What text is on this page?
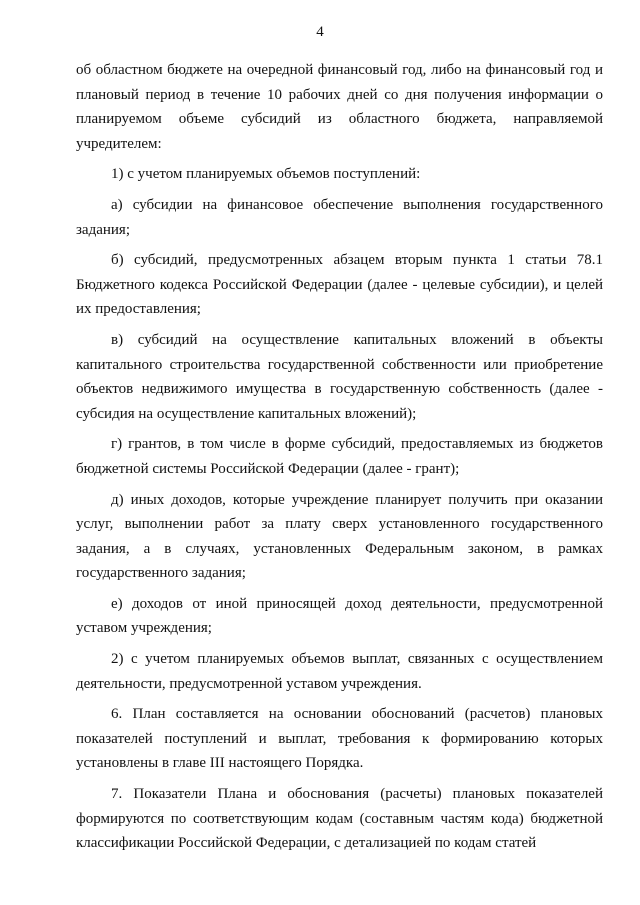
4

об областном бюджете на очередной финансовый год, либо на финансовый год и плановый период в течение 10 рабочих дней со дня получения информации о планируемом объеме субсидий из областного бюджета, направляемой учредителем:

1) с учетом планируемых объемов поступлений:

а) субсидии на финансовое обеспечение выполнения государственного задания;

б) субсидий, предусмотренных абзацем вторым пункта 1 статьи 78.1 Бюджетного кодекса Российской Федерации (далее - целевые субсидии), и целей их предоставления;

в) субсидий на осуществление капитальных вложений в объекты капитального строительства государственной собственности или приобретение объектов недвижимого имущества в государственную собственность (далее - субсидия на осуществление капитальных вложений);

г) грантов, в том числе в форме субсидий, предоставляемых из бюджетов бюджетной системы Российской Федерации (далее - грант);

д) иных доходов, которые учреждение планирует получить при оказании услуг, выполнении работ за плату сверх установленного государственного задания, а в случаях, установленных Федеральным законом, в рамках государственного задания;

е) доходов от иной приносящей доход деятельности, предусмотренной уставом учреждения;

2) с учетом планируемых объемов выплат, связанных с осуществлением деятельности, предусмотренной уставом учреждения.

6. План составляется на основании обоснований (расчетов) плановых показателей поступлений и выплат, требования к формированию которых установлены в главе III настоящего Порядка.

7. Показатели Плана и обоснования (расчеты) плановых показателей формируются по соответствующим кодам (составным частям кода) бюджетной классификации Российской Федерации, с детализацией по кодам статей
